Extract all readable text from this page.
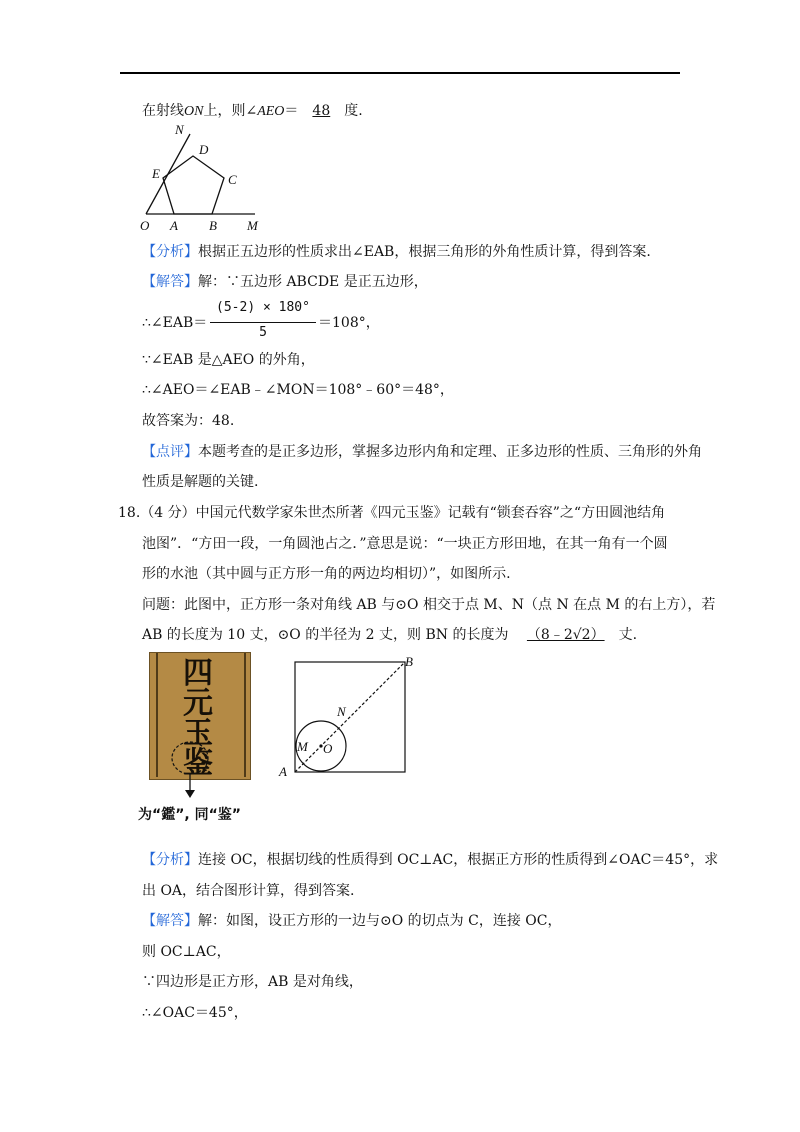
在射线ON上，则∠AEO＝ 48 度.
N
D
E	C
O A B M
【分析】根据正五边形的性质求出∠EAB，根据三角形的外角性质计算，得到答案.
【解答】解：∵五边形 ABCDE 是正五边形，
∴∠EAB＝
(5-2) × 180°
5
＝108°，
∵∠EAB 是△AEO 的外角，
∴∠AEO＝∠EAB﹣∠MON＝108°﹣60°＝48°，
故答案为：48.
【点评】本题考查的是正多边形，掌握多边形内角和定理、正多边形的性质、三角形的外角
性质是解题的关键.
18.（4 分）中国元代数学家朱世杰所著《四元玉鉴》记载有“锁套吞容”之“方田圆池结角
池图”．“方田一段，一角圆池占之．”意思是说：“一块正方形田地，在其一角有一个圆
形的水池（其中圆与正方形一角的两边均相切）”，如图所示.
问题：此图中，正方形一条对角线 AB 与⊙O 相交于点 M、N（点 N 在点 M 的右上方），若
AB 的长度为 10 丈，⊙O 的半径为 2 丈，则 BN 的长度为 （8﹣2√2） 丈.
四
元
玉
鉴
为“鑑”, 同“鉴”
B
N
M O
A
【分析】连接 OC，根据切线的性质得到 OC⊥AC，根据正方形的性质得到∠OAC＝45°，求
出 OA，结合图形计算，得到答案.
【解答】解：如图，设正方形的一边与⊙O 的切点为 C，连接 OC，
则 OC⊥AC，
∵四边形是正方形，AB 是对角线，
∴∠OAC＝45°，
